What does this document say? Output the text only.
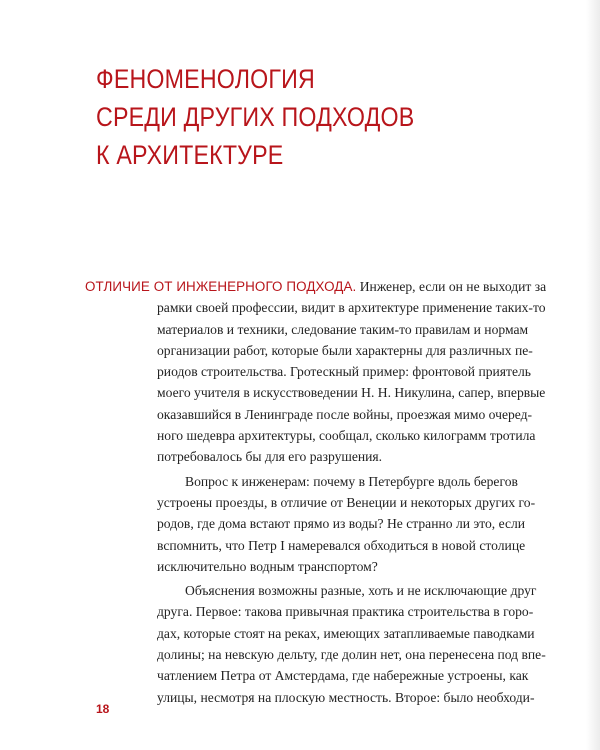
ФЕНОМЕНОЛОГИЯ
СРЕДИ ДРУГИХ ПОДХОДОВ
К АРХИТЕКТУРЕ

ОТЛИЧИЕ ОТ ИНЖЕНЕРНОГО ПОДХОДА. Инженер, если он не выходит за
рамки своей профессии, видит в архитектуре применение таких-то
материалов и техники, следование таким-то правилам и нормам
организации работ, которые были характерны для различных пе-
риодов строительства. Гротескный пример: фронтовой приятель
моего учителя в искусствоведении Н. Н. Никулина, сапер, впервые
оказавшийся в Ленинграде после войны, проезжая мимо очеред-
ного шедевра архитектуры, сообщал, сколько килограмм тротила
потребовалось бы для его разрушения.

Вопрос к инженерам: почему в Петербурге вдоль берегов
устроены проезды, в отличие от Венеции и некоторых других го-
родов, где дома встают прямо из воды? Не странно ли это, если
вспомнить, что Петр I намеревался обходиться в новой столице
исключительно водным транспортом?

Объяснения возможны разные, хоть и не исключающие друг
друга. Первое: такова привычная практика строительства в горо-
дах, которые стоят на реках, имеющих затапливаемые паводками
долины; на невскую дельту, где долин нет, она перенесена под впе-
чатлением Петра от Амстердама, где набережные устроены, как
улицы, несмотря на плоскую местность. Второе: было необходи-

18
